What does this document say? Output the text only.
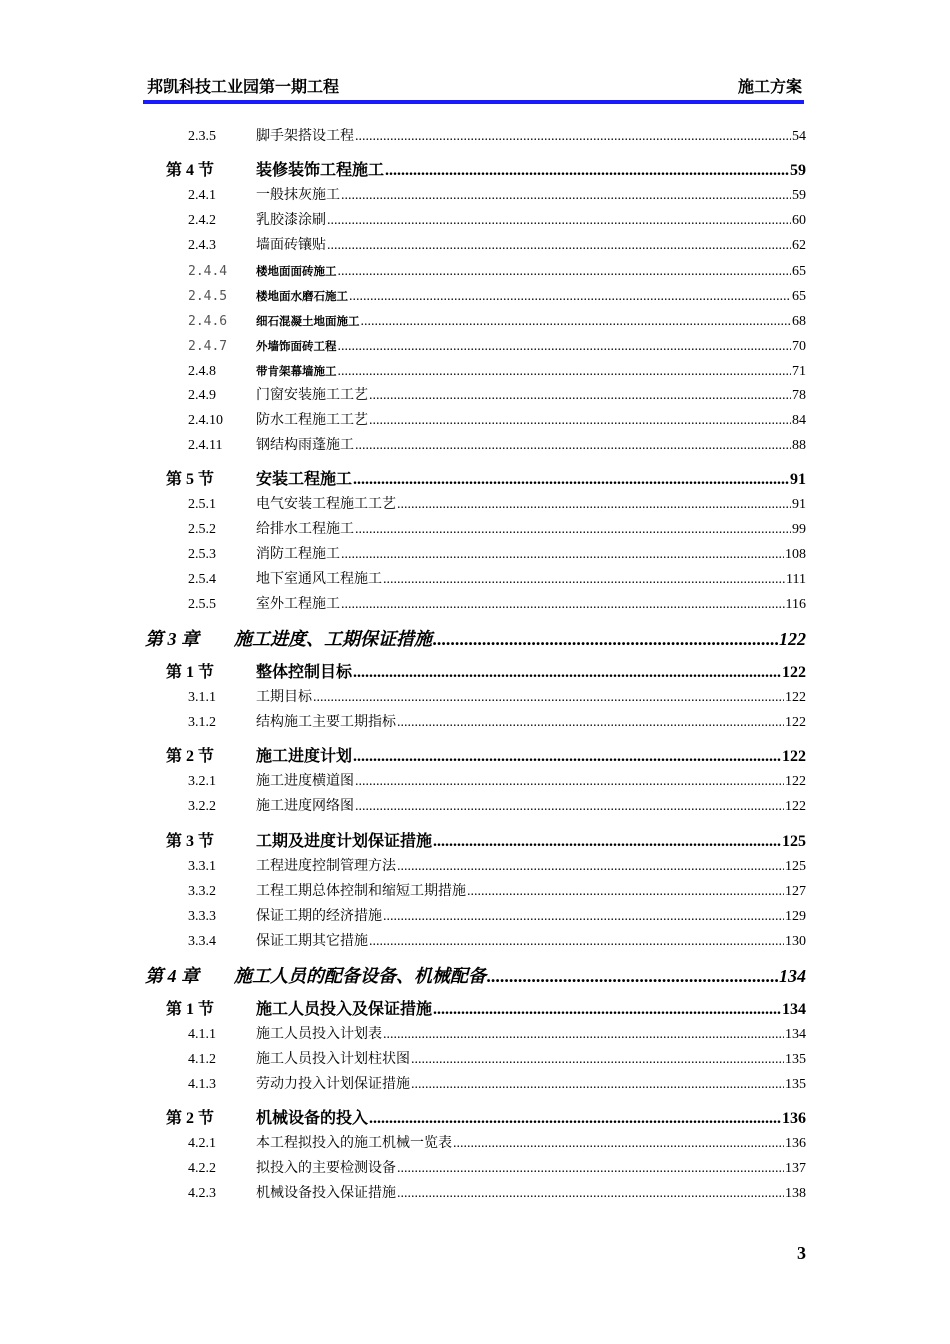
邦凯科技工业园第一期工程	施工方案
2.3.5	脚手架搭设工程 .....	54
第 4 节	装修装饰工程施工 .....	59
2.4.1	一般抹灰施工 .....	59
2.4.2	乳胶漆涂刷 .....	60
2.4.3	墙面砖镶贴 .....	62
2.4.4	楼地面面砖施工 .....	65
2.4.5	楼地面水磨石施工 .....	65
2.4.6	细石混凝土地面施工 .....	68
2.4.7	外墙饰面砖工程 .....	70
2.4.8	带肯架幕墙施工 .....	71
2.4.9	门窗安装施工工艺 .....	78
2.4.10	防水工程施工工艺 .....	84
2.4.11	钢结构雨蓬施工 .....	88
第 5 节	安装工程施工 .....	91
2.5.1	电气安装工程施工工艺 .....	91
2.5.2	给排水工程施工 .....	99
2.5.3	消防工程施工 .....	108
2.5.4	地下室通风工程施工 .....	111
2.5.5	室外工程施工 .....	116
第 3 章	施工进度、工期保证措施 .....	122
第 1 节	整体控制目标 .....	122
3.1.1	工期目标 .....	122
3.1.2	结构施工主要工期指标 .....	122
第 2 节	施工进度计划 .....	122
3.2.1	施工进度横道图 .....	122
3.2.2	施工进度网络图 .....	122
第 3 节	工期及进度计划保证措施 .....	125
3.3.1	工程进度控制管理方法 .....	125
3.3.2	工程工期总体控制和缩短工期措施 .....	127
3.3.3	保证工期的经济措施 .....	129
3.3.4	保证工期其它措施 .....	130
第 4 章	施工人员的配备设备、机械配备 .....	134
第 1 节	施工人员投入及保证措施 .....	134
4.1.1	施工人员投入计划表 .....	134
4.1.2	施工人员投入计划柱状图 .....	135
4.1.3	劳动力投入计划保证措施 .....	135
第 2 节	机械设备的投入 .....	136
4.2.1	本工程拟投入的施工机械一览表 .....	136
4.2.2	拟投入的主要检测设备 .....	137
4.2.3	机械设备投入保证措施 .....	138
3
